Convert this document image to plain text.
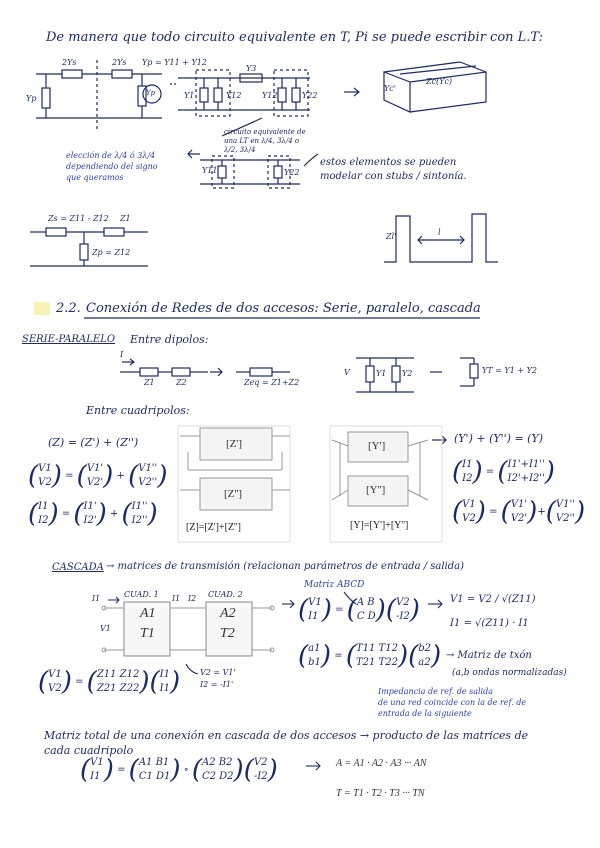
De manera que todo circuito equivalente en T, Pi se puede escribir con L.T:
2Ys	2Ys Yp = Y11 + Y12
Yp
Yp	Y1	Y12	Y12	Y22
Y3
Zc(Yc)
Yc'
circuito equivalente de una LT en λ/4, 3λ/4 o λ/2, 3λ/4
elección de λ/4 ó 3λ/4
dependiendo del signo
que queramos
estos elementos se pueden
modelar con stubs / sintonía.
Y11	Y22
Zs = Z11 - Z12 Z1
Zp = Z12
Zl'	l
2.2. Conexión de Redes de dos accesos: Serie, paralelo, cascada
SERIE-PARALELO Entre dipolos:
I
Z1	Z2	Zeq = Z1+Z2
V	Y1 Y2	YT = Y1 + Y2
Entre cuadripolos:
(Z) = (Z') + (Z'')	(Y') + (Y'') = (Y)
[Z']
[Z'']
[Z]=[Z']+[Z'']
[Y']
[Y'']
[Y]=[Y']+[Y'']
( V1
V2 ) = ( V1'
V2' ) + ( V1''
V2'' )
( I1
I2 ) = ( I1'
I2' ) + ( I1''
I2'' )
( I1
I2 ) = ( I1'+I1''
I2'+I2'' )
( V1
V2 ) = ( V1'
V2' )+( V1''
V2'' )
CASCADA → matrices de transmisión (relacionan parámetros de entrada / salida)
CUAD. 1	CUAD. 2
A1
T1
A2
T2
I1
V1
I1 I2
V2 = V1'
I2 = -I1'
Matriz ABCD
( V1
I1 ) = ( A B
C D )( V2
-I2 )	V1 = V2 / √(Z11)
I1 = √(Z11) · I1
( V1
V2 ) = ( Z11 Z12
Z21 Z22 )( I1
I1 )
( a1
b1 ) = ( T11 T12
T21 T22 )( b2
a2 ) → Matriz de txón
(a,b ondas normalizadas)
Impedancia de ref. de salida
de una red coincide con la de ref. de
entrada de la siguiente
Matriz total de una conexión en cascada de dos accesos → producto de las matrices de
cada cuadripolo
( V1
I1 ) = ( A1 B1
C1 D1 ) ∘ ( A2 B2
C2 D2 )( V2
-I2 )	A = A1 · A2 · A3 ··· AN
T = T1 · T2 · T3 ··· TN
